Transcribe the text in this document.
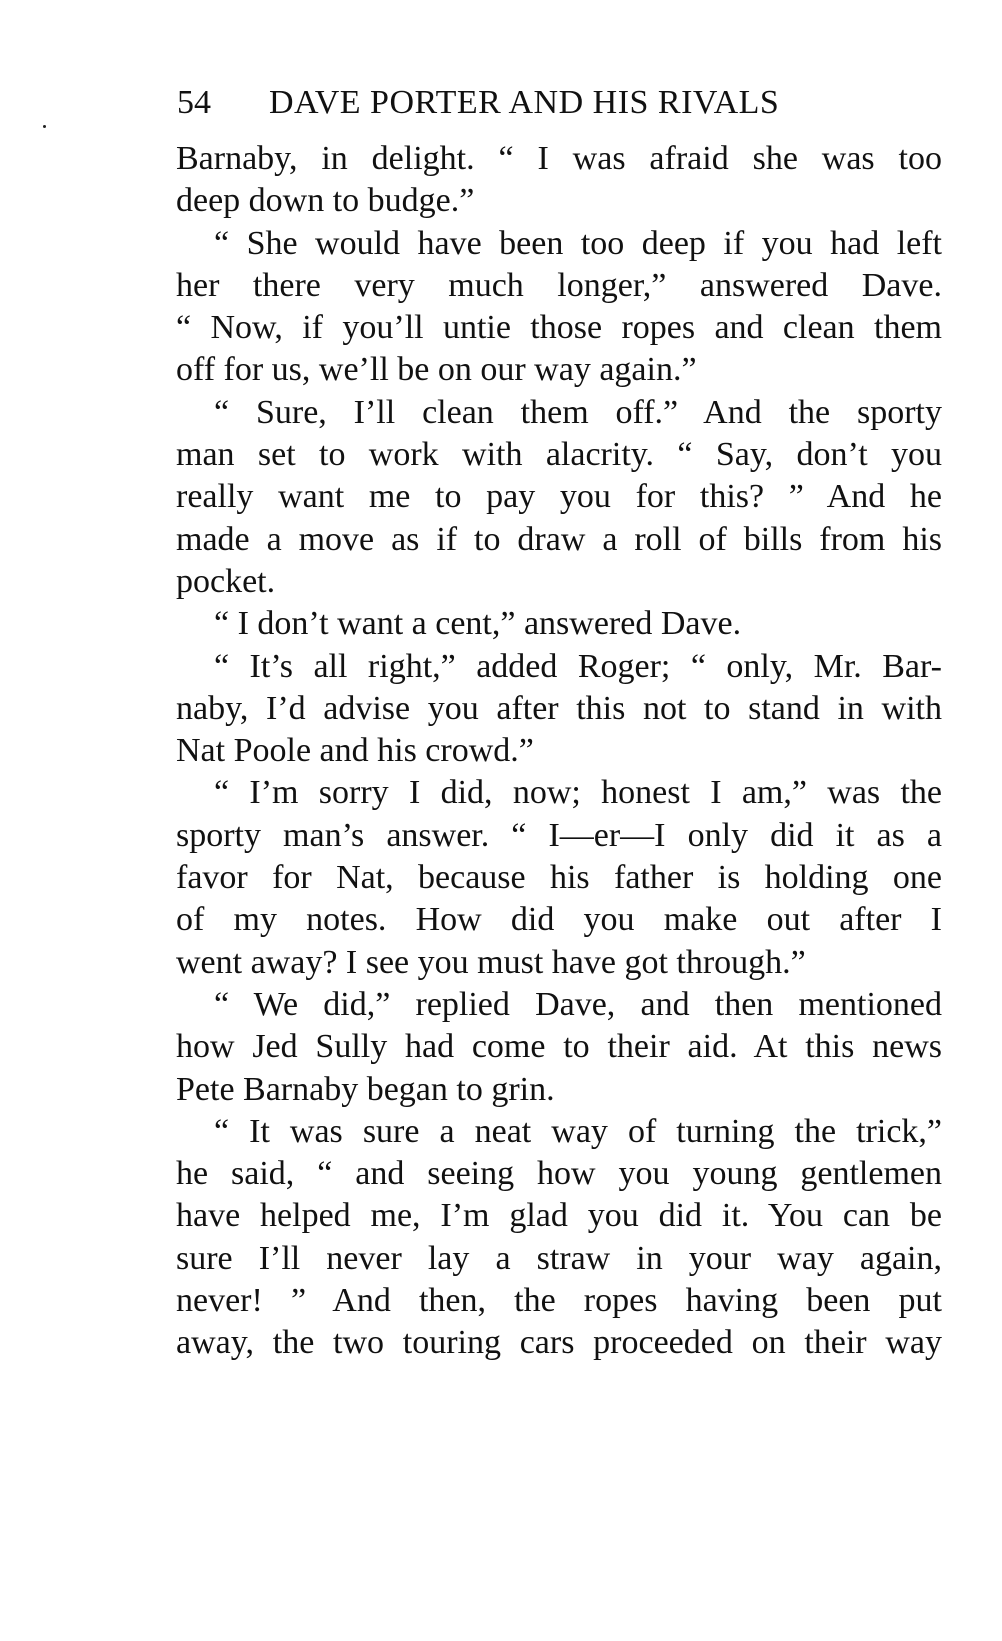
54 DAVE PORTER AND HIS RIVALS
Barnaby, in delight. “ I was afraid she was too
deep down to budge.”
“ She would have been too deep if you had left
her there very much longer,” answered Dave.
“ Now, if you’ll untie those ropes and clean them
off for us, we’ll be on our way again.”
“ Sure, I’ll clean them off.” And the sporty
man set to work with alacrity. “ Say, don’t you
really want me to pay you for this? ” And he
made a move as if to draw a roll of bills from his
pocket.
“ I don’t want a cent,” answered Dave.
“ It’s all right,” added Roger; “ only, Mr. Bar-
naby, I’d advise you after this not to stand in with
Nat Poole and his crowd.”
“ I’m sorry I did, now; honest I am,” was the
sporty man’s answer. “ I—er—I only did it as a
favor for Nat, because his father is holding one
of my notes. How did you make out after I
went away? I see you must have got through.”
“ We did,” replied Dave, and then mentioned
how Jed Sully had come to their aid. At this news
Pete Barnaby began to grin.
“ It was sure a neat way of turning the trick,”
he said, “ and seeing how you young gentlemen
have helped me, I’m glad you did it. You can be
sure I’ll never lay a straw in your way again,
never! ” And then, the ropes having been put
away, the two touring cars proceeded on their way
